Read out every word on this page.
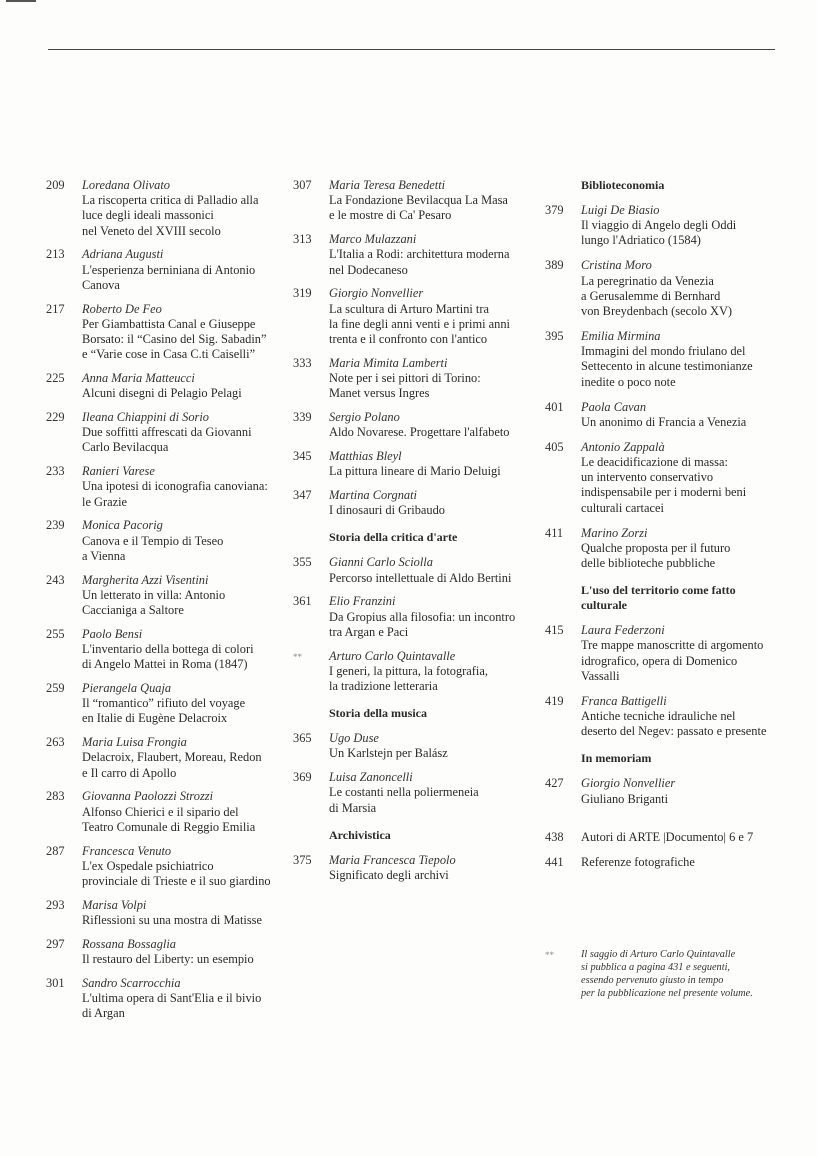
209 Loredana Olivato
La riscoperta critica di Palladio alla
luce degli ideali massonici
nel Veneto del XVIII secolo
213 Adriana Augusti
L'esperienza berniniana di Antonio
Canova
217 Roberto De Feo
Per Giambattista Canal e Giuseppe
Borsato: il “Casino del Sig. Sabadin”
e “Varie cose in Casa C.ti Caiselli”
225 Anna Maria Matteucci
Alcuni disegni di Pelagio Pelagi
229 Ileana Chiappini di Sorio
Due soffitti affrescati da Giovanni
Carlo Bevilacqua
233 Ranieri Varese
Una ipotesi di iconografia canoviana:
le Grazie
239 Monica Pacorig
Canova e il Tempio di Teseo
a Vienna
243 Margherita Azzi Visentini
Un letterato in villa: Antonio
Caccianiga a Saltore
255 Paolo Bensi
L'inventario della bottega di colori
di Angelo Mattei in Roma (1847)
259 Pierangela Quaja
Il “romantico” rifiuto del voyage
en Italie di Eugène Delacroix
263 Maria Luisa Frongia
Delacroix, Flaubert, Moreau, Redon
e Il carro di Apollo
283 Giovanna Paolozzi Strozzi
Alfonso Chierici e il sipario del
Teatro Comunale di Reggio Emilia
287 Francesca Venuto
L'ex Ospedale psichiatrico
provinciale di Trieste e il suo giardino
293 Marisa Volpi
Riflessioni su una mostra di Matisse
297 Rossana Bossaglia
Il restauro del Liberty: un esempio
301 Sandro Scarrocchia
L'ultima opera di Sant'Elia e il bivio
di Argan
307 Maria Teresa Benedetti
La Fondazione Bevilacqua La Masa
e le mostre di Ca' Pesaro
313 Marco Mulazzani
L'Italia a Rodi: architettura moderna
nel Dodecaneso
319 Giorgio Nonvellier
La scultura di Arturo Martini tra
la fine degli anni venti e i primi anni
trenta e il confronto con l'antico
333 Maria Mimita Lamberti
Note per i sei pittori di Torino:
Manet versus Ingres
339 Sergio Polano
Aldo Novarese. Progettare l'alfabeto
345 Matthias Bleyl
La pittura lineare di Mario Deluigi
347 Martina Corgnati
I dinosauri di Gribaudo
Storia della critica d'arte
355 Gianni Carlo Sciolla
Percorso intellettuale di Aldo Bertini
361 Elio Franzini
Da Gropius alla filosofia: un incontro
tra Argan e Paci
** Arturo Carlo Quintavalle
I generi, la pittura, la fotografia,
la tradizione letteraria
Storia della musica
365 Ugo Duse
Un Karlstejn per Balász
369 Luisa Zanoncelli
Le costanti nella poliermeneia
di Marsia
Archivistica
375 Maria Francesca Tiepolo
Significato degli archivi
Biblioteconomia
379 Luigi De Biasio
Il viaggio di Angelo degli Oddi
lungo l'Adriatico (1584)
389 Cristina Moro
La peregrinatio da Venezia
a Gerusalemme di Bernhard
von Breydenbach (secolo XV)
395 Emilia Mirmina
Immagini del mondo friulano del
Settecento in alcune testimonianze
inedite o poco note
401 Paola Cavan
Un anonimo di Francia a Venezia
405 Antonio Zappalà
Le deacidificazione di massa:
un intervento conservativo
indispensabile per i moderni beni
culturali cartacei
411 Marino Zorzi
Qualche proposta per il futuro
delle biblioteche pubbliche
L'uso del territorio come fatto
culturale
415 Laura Federzoni
Tre mappe manoscritte di argomento
idrografico, opera di Domenico
Vassalli
419 Franca Battigelli
Antiche tecniche idrauliche nel
deserto del Negev: passato e presente
In memoriam
427 Giorgio Nonvellier
Giuliano Briganti
438 Autori di ARTE |Documento| 6 e 7
441 Referenze fotografiche
**	Il saggio di Arturo Carlo Quintavalle
si pubblica a pagina 431 e seguenti,
essendo pervenuto giusto in tempo
per la pubblicazione nel presente volume.
